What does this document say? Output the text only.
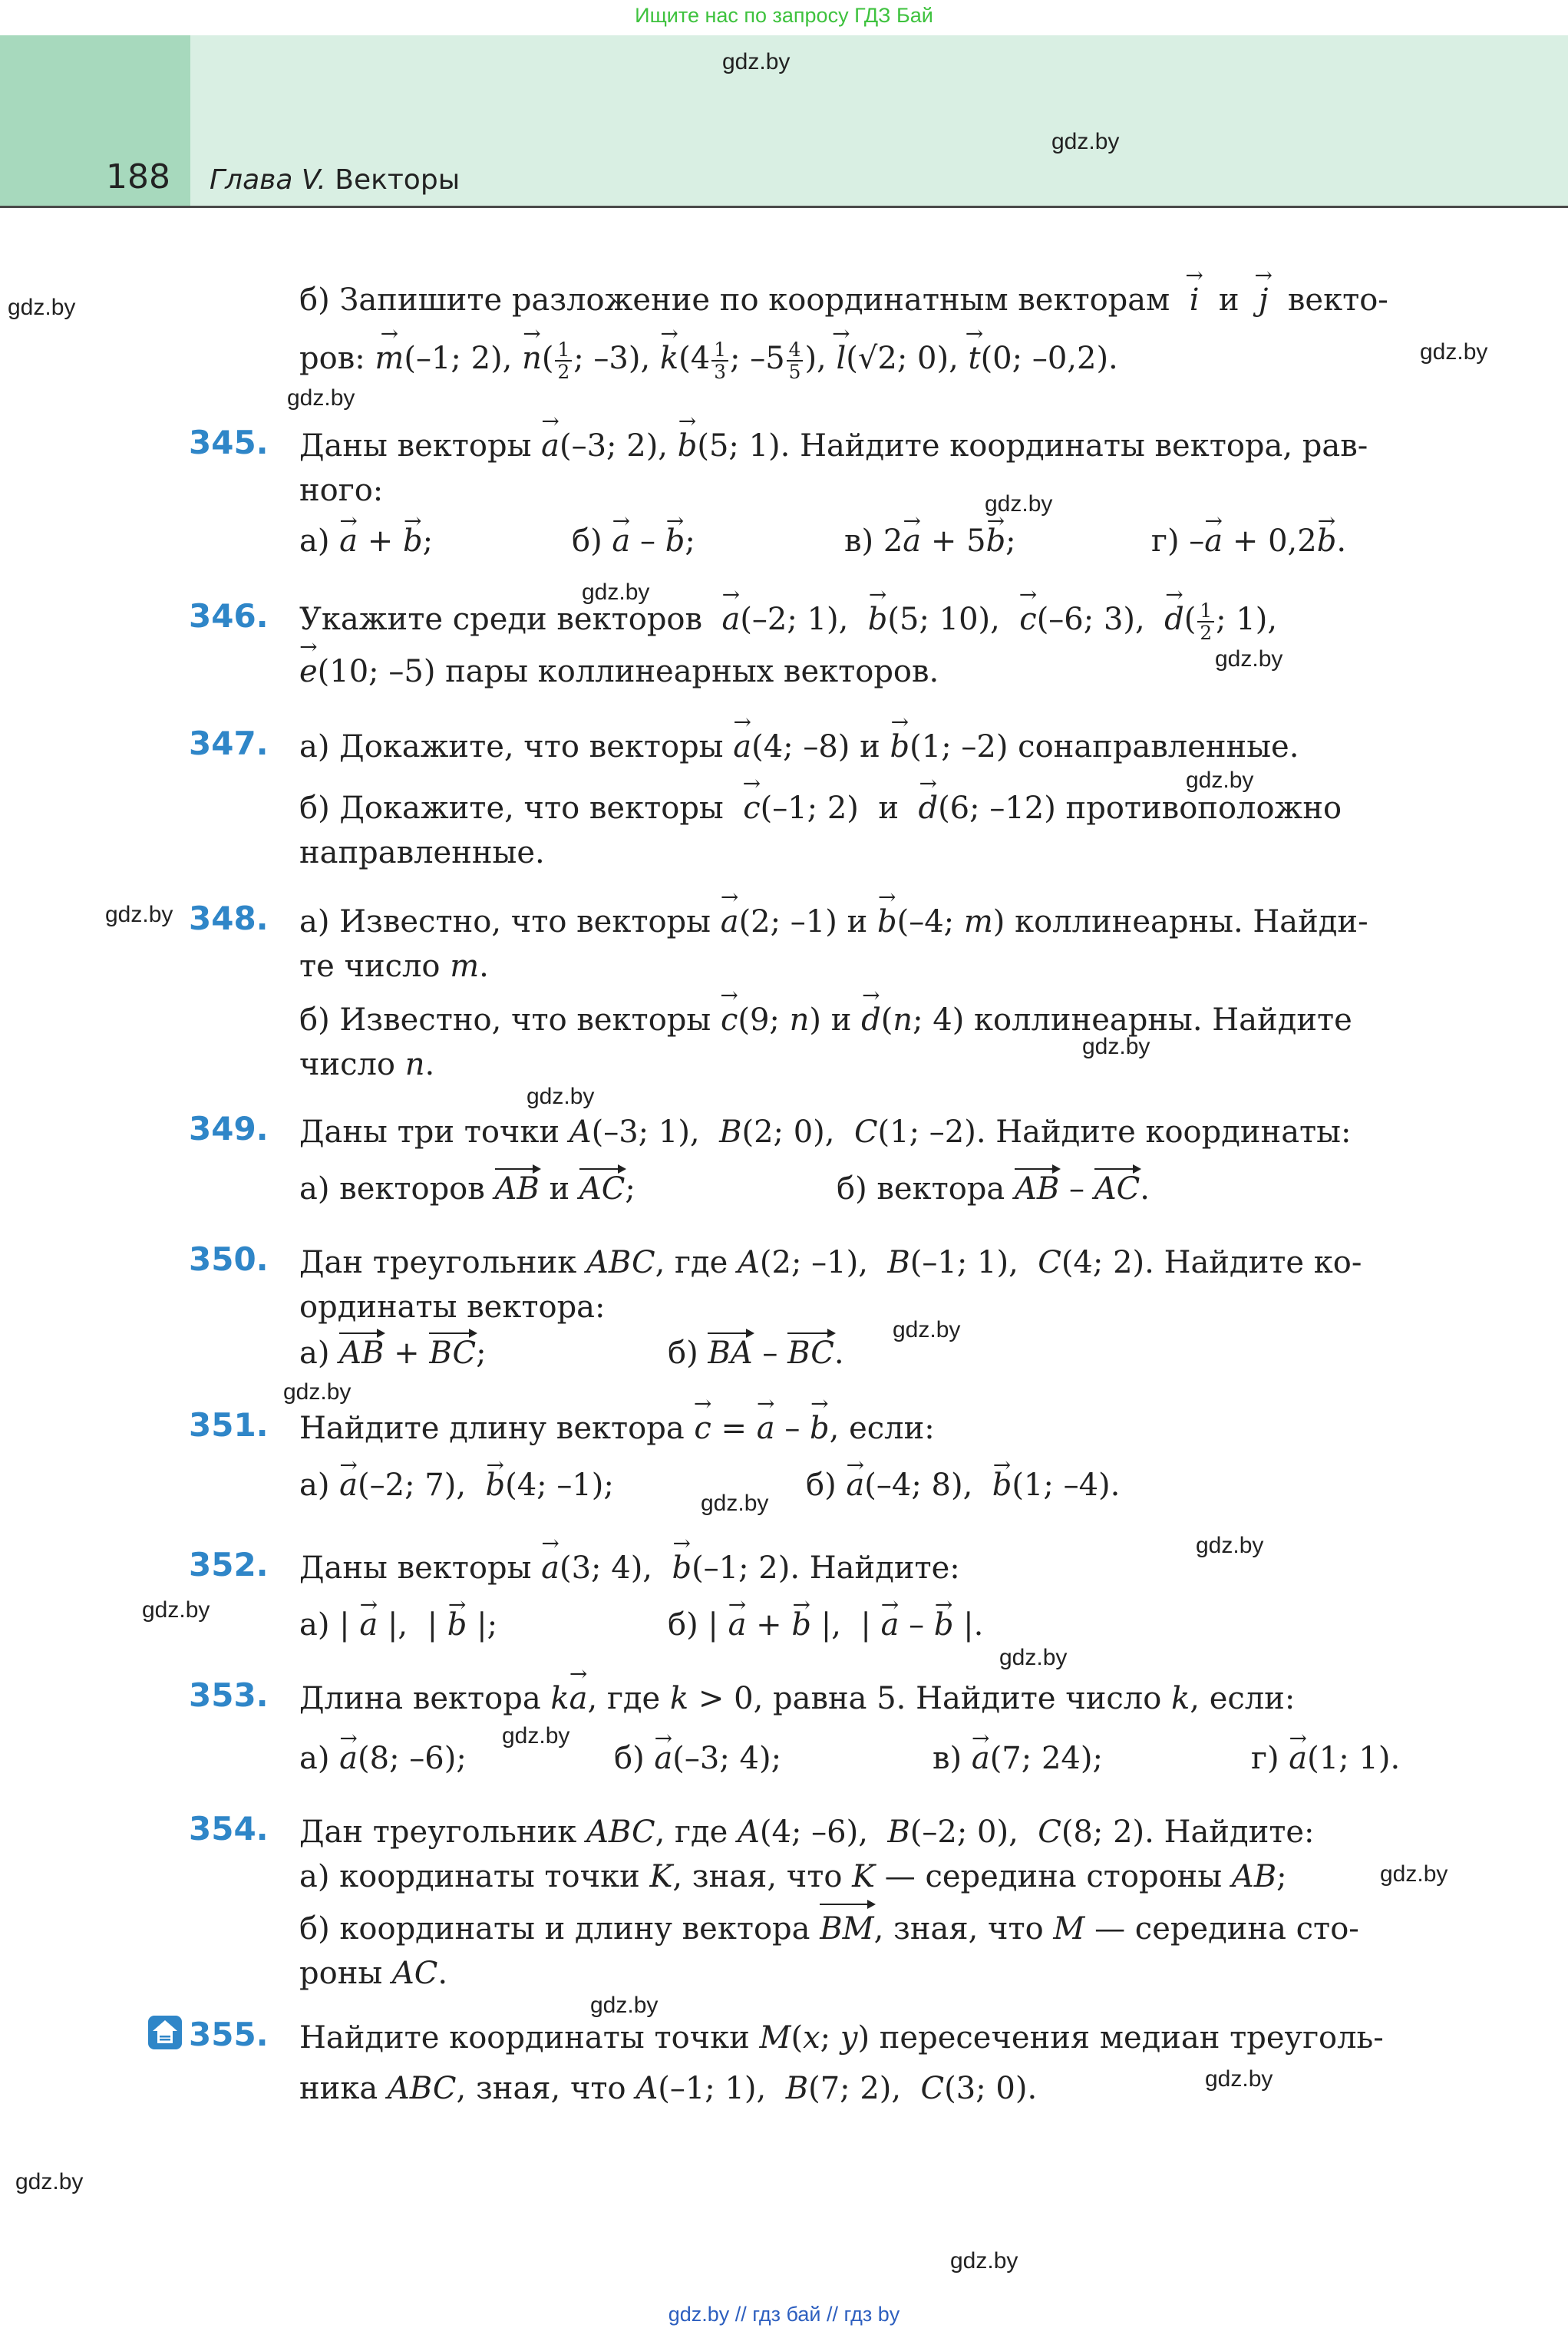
Ищите нас по запросу ГДЗ Бай
188 Глава V. Векторы
gdz.by
gdz.by
gdz.by
gdz.by
gdz.by
gdz.by
gdz.by
gdz.by
gdz.by
gdz.by
gdz.by
gdz.by
gdz.by
gdz.by
gdz.by
gdz.by
gdz.by
gdz.by
gdz.by
gdz.by
gdz.by
gdz.by
gdz.by
gdz.by
б) Запишите разложение по координатным векторам → i и → j векто-
ров: → m(–1; 2), → $n( \frac{1}{2}$ ; –3), → $k(4 \frac{1}{3}$ ; $-5 \frac{4}{5}$ ), → l(√2; 0), → t(0; –0,2).
345. Даны векторы → a(–3; 2), → b(5; 1). Найдите координаты вектора, рав-
ного:
а) → a + → b;	б) → a – → b;	в) 2→ a + 5→ b;	г) –→ a + 0,2→ b.
346. Укажите среди векторов → a(–2; 1),  → b(5; 10),  → c(–6; 3),  → $d( \frac{1}{2}$ ; 1),
→ e(10; –5) пары коллинеарных векторов.
347. а) Докажите, что векторы → a(4; –8) и → b(1; –2) сонаправленные.
б) Докажите, что векторы → c(–1; 2) и → d(6; –12) противоположно
направленные.
348. а) Известно, что векторы → a(2; –1) и → b(–4; m) коллинеарны. Найди-
те число m.
б) Известно, что векторы → c(9; n) и → d(n; 4) коллинеарны. Найдите
число n.
349. Даны три точки A(–3; 1),  B(2; 0),  C(1; –2). Найдите координаты:
а) векторов AB и AC;	б) вектора AB – AC.
350. Дан треугольник ABC, где A(2; –1),  B(–1; 1),  C(4; 2). Найдите ко-
ординаты вектора:
а) AB + BC;	б) BA – BC.
351. Найдите длину вектора → c = → a – → b, если:
а) → a(–2; 7),  → b(4; –1);	б) → a(–4; 8),  → b(1; –4).
352. Даны векторы → a(3; 4),  → b(–1; 2). Найдите:
а) | → a |,  | → b |;	б) | → a + → b |,  | → a – → b |.
353. Длина вектора k→ a, где k > 0, равна 5. Найдите число k, если:
а) → a(8; –6);	б) → a(–3; 4);	в) → a(7; 24);	г) → a(1; 1).
354. Дан треугольник ABC, где A(4; –6),  B(–2; 0),  C(8; 2). Найдите:
а) координаты точки K, зная, что K — середина стороны AB;
б) координаты и длину вектора BM, зная, что M — середина сто-
роны AC.
355. Найдите координаты точки M(x; y) пересечения медиан треуголь-
ника ABC, зная, что A(–1; 1),  B(7; 2),  C(3; 0).
gdz.by // гдз бай // гдз by
